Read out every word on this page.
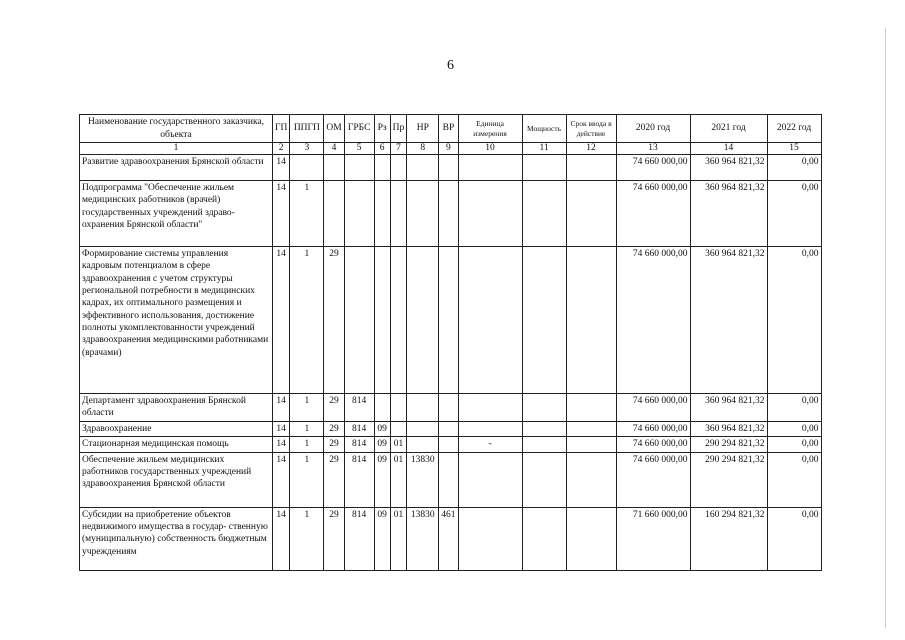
6
Наименование государственного заказчика, объекта	ГП	ППГП	ОМ	ГРБС	Рз	Пр	НР	ВР	Единица измерения	Мощность	Срок ввода в действие	2020 год	2021 год	2022 год
1	2	3	4	5	6	7	8	9	10	11	12	13	14	15
Развитие здравоохранения Брянской области	14											74 660 000,00	360 964 821,32	0,00
Подпрограмма "Обеспечение жильем медицинских работников (врачей) государственных учреждений здраво- охранения Брянской области"	14	1										74 660 000,00	360 964 821,32	0,00
Формирование системы управления кадровым потенциалом в сфере здравоохранения с учетом структуры региональной потребности в медицинских кадрах, их оптимального размещения и эффективного использования, достижение полноты укомплектованности учреждений здравоохранения медицинскими работниками (врачами)	14	1	29									74 660 000,00	360 964 821,32	0,00
Департамент здравоохранения Брянской области	14	1	29	814								74 660 000,00	360 964 821,32	0,00
Здравоохранение	14	1	29	814	09							74 660 000,00	360 964 821,32	0,00
Стационарная медицинская помощь	14	1	29	814	09	01			-			74 660 000,00	290 294 821,32	0,00
Обеспечение жильем медицинских работников государственных учреждений здравоохранения Брянской области	14	1	29	814	09	01	13830					74 660 000,00	290 294 821,32	0,00
Субсидии на приобретение объектов недвижимого имущества в государ- ственную (муниципальную) собственность бюджетным учреждениям	14	1	29	814	09	01	13830	461				71 660 000,00	160 294 821,32	0,00
